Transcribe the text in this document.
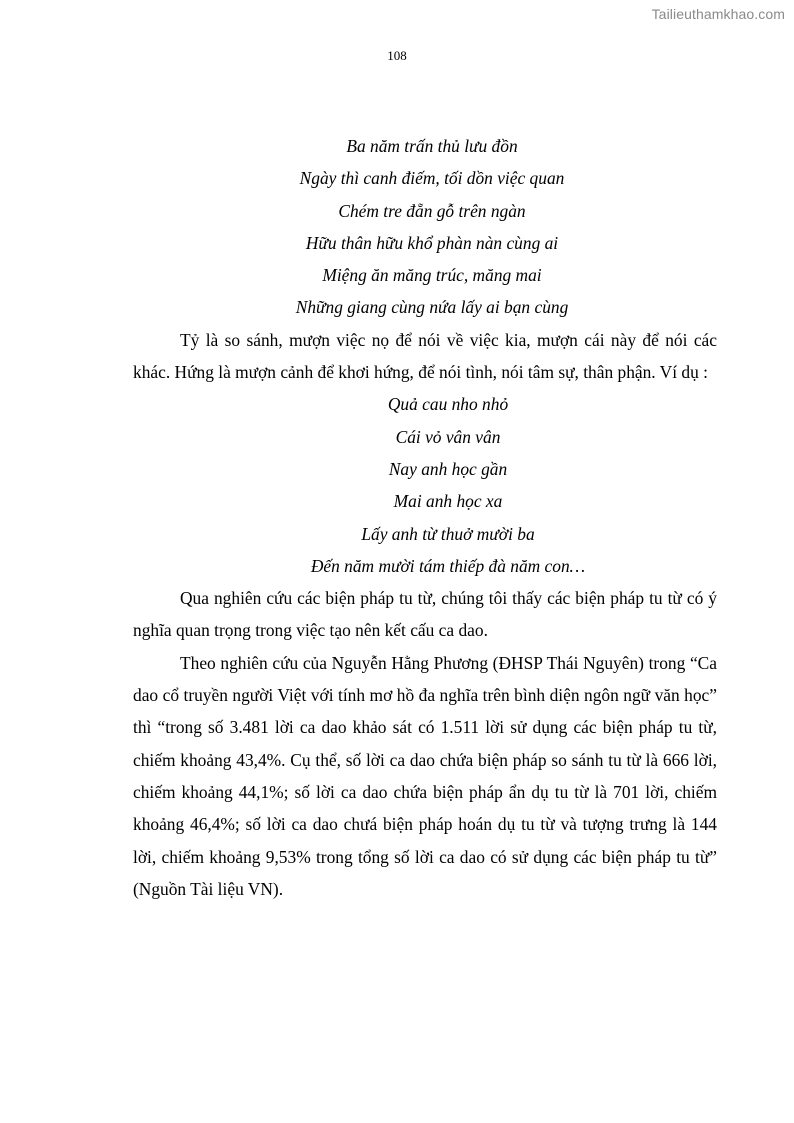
Tailieuthamkhao.com
108
Ba năm trấn thủ lưu đồn
Ngày thì canh điếm, tối dồn việc quan
Chém tre đẵn gỗ trên ngàn
Hữu thân hữu khổ phàn nàn cùng ai
Miệng ăn măng trúc, măng mai
Những giang cùng nứa lấy ai bạn cùng

Tỷ là so sánh, mượn việc nọ để nói về việc kia, mượn cái này để nói các khác. Hứng là mượn cảnh để khơi hứng, để nói tình, nói tâm sự, thân phận. Ví dụ :

Quả cau nho nhỏ
Cái vỏ vân vân
Nay anh học gần
Mai anh học xa
Lấy anh từ thuở mười ba
Đến năm mười tám thiếp đà năm con…

Qua nghiên cứu các biện pháp tu từ, chúng tôi thấy các biện pháp tu từ có ý nghĩa quan trọng trong việc tạo nên kết cấu ca dao.

Theo nghiên cứu của Nguyễn Hằng Phương (ĐHSP Thái Nguyên) trong “Ca dao cổ truyền người Việt với tính mơ hồ đa nghĩa trên bình diện ngôn ngữ văn học” thì “trong số 3.481 lời ca dao khảo sát có 1.511 lời sử dụng các biện pháp tu từ, chiếm khoảng 43,4%. Cụ thể, số lời ca dao chứa biện pháp so sánh tu từ là 666 lời, chiếm khoảng 44,1%; số lời ca dao chứa biện pháp ẩn dụ tu từ là 701 lời, chiếm khoảng 46,4%; số lời ca dao chưá biện pháp hoán dụ tu từ và tượng trưng là 144 lời, chiếm khoảng 9,53% trong tổng số lời ca dao có sử dụng các biện pháp tu từ” (Nguồn Tài liệu VN).
